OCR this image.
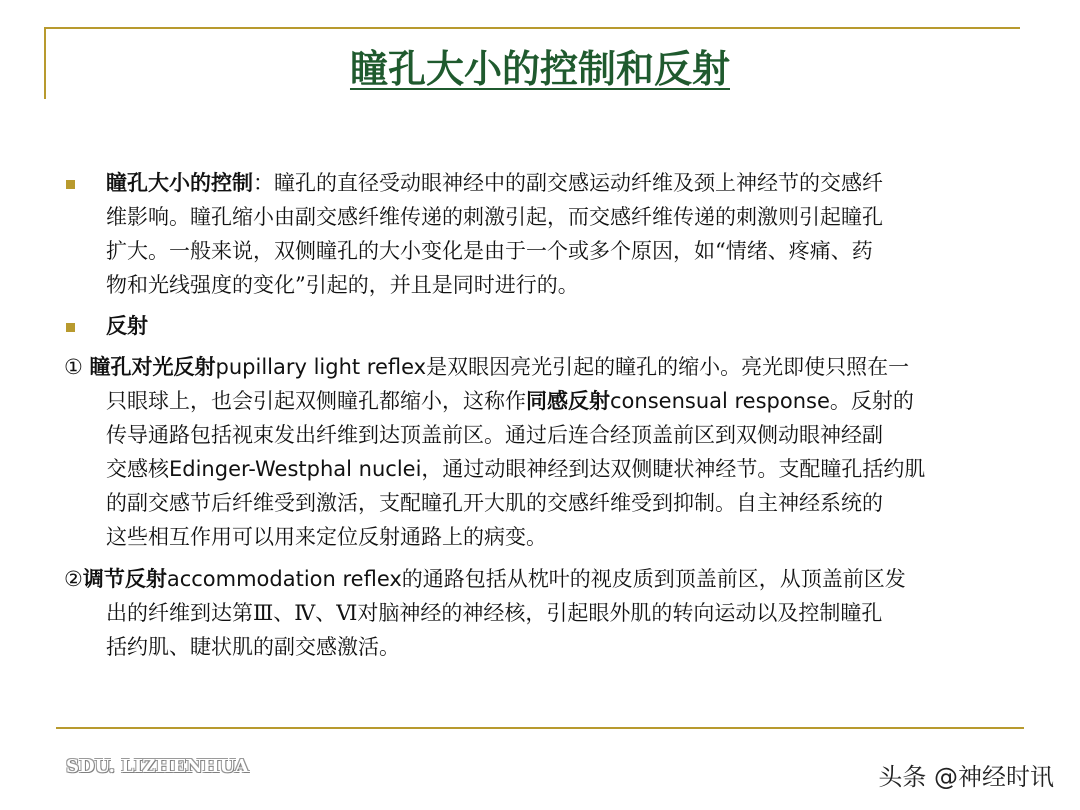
瞳孔大小的控制和反射
瞳孔大小的控制：瞳孔的直径受动眼神经中的副交感运动纤维及颈上神经节的交感纤
维影响。瞳孔缩小由副交感纤维传递的刺激引起，而交感纤维传递的刺激则引起瞳孔
扩大。一般来说，双侧瞳孔的大小变化是由于一个或多个原因，如“情绪、疼痛、药
物和光线强度的变化”引起的，并且是同时进行的。
反射
① 瞳孔对光反射pupillary light reflex是双眼因亮光引起的瞳孔的缩小。亮光即使只照在一
只眼球上，也会引起双侧瞳孔都缩小，这称作同感反射consensual response。反射的
传导通路包括视束发出纤维到达顶盖前区。通过后连合经顶盖前区到双侧动眼神经副
交感核Edinger-Westphal nuclei，通过动眼神经到达双侧睫状神经节。支配瞳孔括约肌
的副交感节后纤维受到激活，支配瞳孔开大肌的交感纤维受到抑制。自主神经系统的
这些相互作用可以用来定位反射通路上的病变。
②调节反射accommodation reflex的通路包括从枕叶的视皮质到顶盖前区，从顶盖前区发
出的纤维到达第Ⅲ、Ⅳ、Ⅵ对脑神经的神经核，引起眼外肌的转向运动以及控制瞳孔
括约肌、睫状肌的副交感激活。
SDU. LIZHENHUA	头条 @神经时讯
